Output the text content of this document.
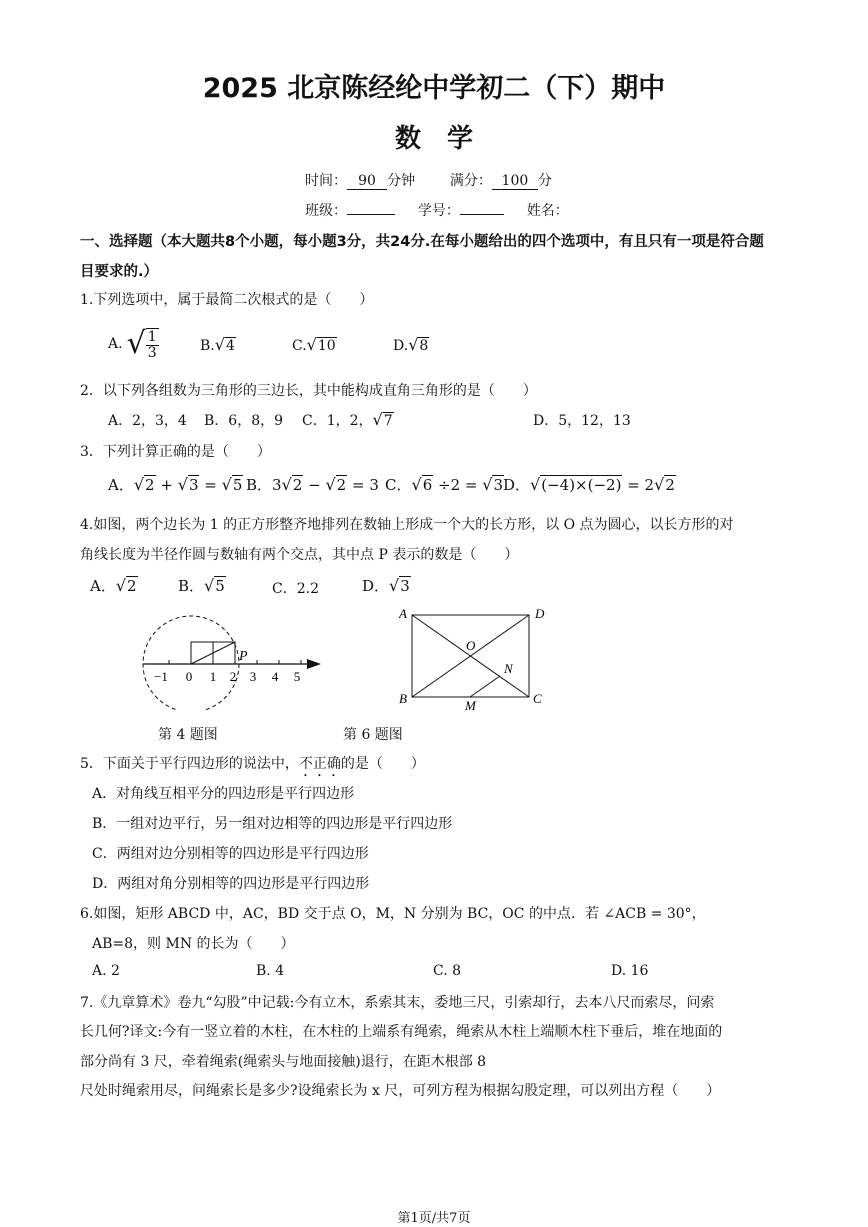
2025 北京陈经纶中学初二（下）期中
数　学
时间： 90 分钟 满分： 100 分
班级：	学号：	姓名：
一、选择题（本大题共8个小题，每小题3分，共24分.在每小题给出的四个选项中，有且只有一项是符合题
目要求的.）
1.下列选项中，属于最简二次根式的是（　　）
A. √ $\frac{1}{3}$	B.√4	C.√10	D.√8
2．以下列各组数为三角形的三边长，其中能构成直角三角形的是（　　）
A．2，3，4 B．6，8，9 C．1，2，√7	D．5，12，13
3．下列计算正确的是（　　）
A．√2 + √3 = √5 B．3√2 − √2 = 3 C．√6 ÷2 = √3 D．√(−4)×(−2) = 2√2
4.如图，两个边长为 1 的正方形整齐地排列在数轴上形成一个大的长方形，以 O 点为圆心，以长方形的对
角线长度为半径作圆与数轴有两个交点，其中点 P 表示的数是（　　）
A．√2	B．√5	C．2.2	D．√3
P
−1 0 1 2 3 4 5
第 4 题图
A	D
B	C
O
M
N
第 6 题图
5．下面关于平行四边形的说法中，不正确的是（　　）
A．对角线互相平分的四边形是平行四边形
B．一组对边平行，另一组对边相等的四边形是平行四边形
C．两组对边分别相等的四边形是平行四边形
D．两组对角分别相等的四边形是平行四边形
6.如图，矩形 ABCD 中，AC，BD 交于点 O，M，N 分别为 BC，OC 的中点．若 ∠ACB = 30°，
AB=8，则 MN 的长为（　　）
A. 2	B. 4	C. 8	D. 16
7.《九章算术》卷九“勾股”中记载:今有立木，系索其末，委地三尺，引索却行，去本八尺而索尽，问索
长几何?译文:今有一竖立着的木柱，在木柱的上端系有绳索，绳索从木柱上端顺木柱下垂后，堆在地面的
部分尚有 3 尺，牵着绳索(绳索头与地面接触)退行，在距木根部 8
尺处时绳索用尽，问绳索长是多少?设绳索长为 x 尺，可列方程为根据勾股定理，可以列出方程（　　）
第1页/共7页
